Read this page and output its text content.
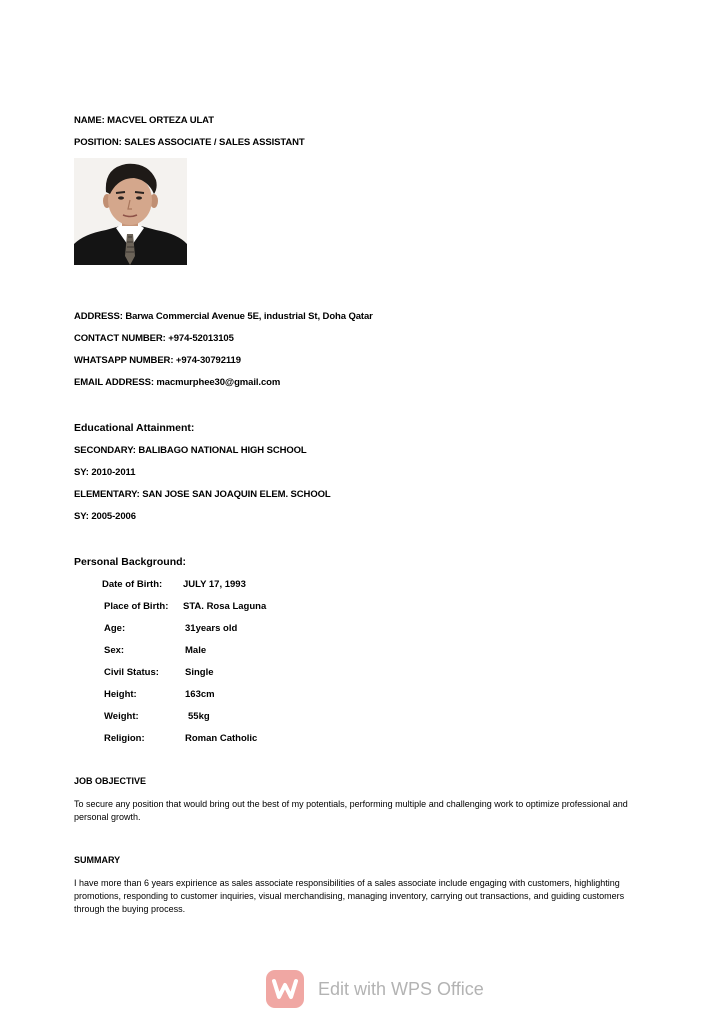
NAME: MACVEL ORTEZA ULAT
POSITION: SALES ASSOCIATE / SALES ASSISTANT
ADDRESS: Barwa Commercial Avenue 5E, industrial St, Doha Qatar
CONTACT NUMBER: +974-52013105
WHATSAPP NUMBER: +974-30792119
EMAIL ADDRESS: macmurphee30@gmail.com
Educational Attainment:
SECONDARY: BALIBAGO NATIONAL HIGH SCHOOL
SY: 2010-2011
ELEMENTARY: SAN JOSE SAN JOAQUIN ELEM. SCHOOL
SY: 2005-2006
Personal Background:
Date of Birth: JULY 17, 1993
Place of Birth: STA. Rosa Laguna
Age:	31years old
Sex:	Male
Civil Status:	Single
Height:	163cm
Weight:	55kg
Religion:	Roman Catholic
JOB OBJECTIVE
To secure any position that would bring out the best of my potentials, performing multiple and challenging work to optimize professional and personal growth.
SUMMARY
I have more than 6 years expirience as sales associate responsibilities of a sales associate include engaging with customers, highlighting promotions, responding to customer inquiries, visual merchandising, managing inventory, carrying out transactions, and guiding customers through the buying process.
Edit with WPS Office
